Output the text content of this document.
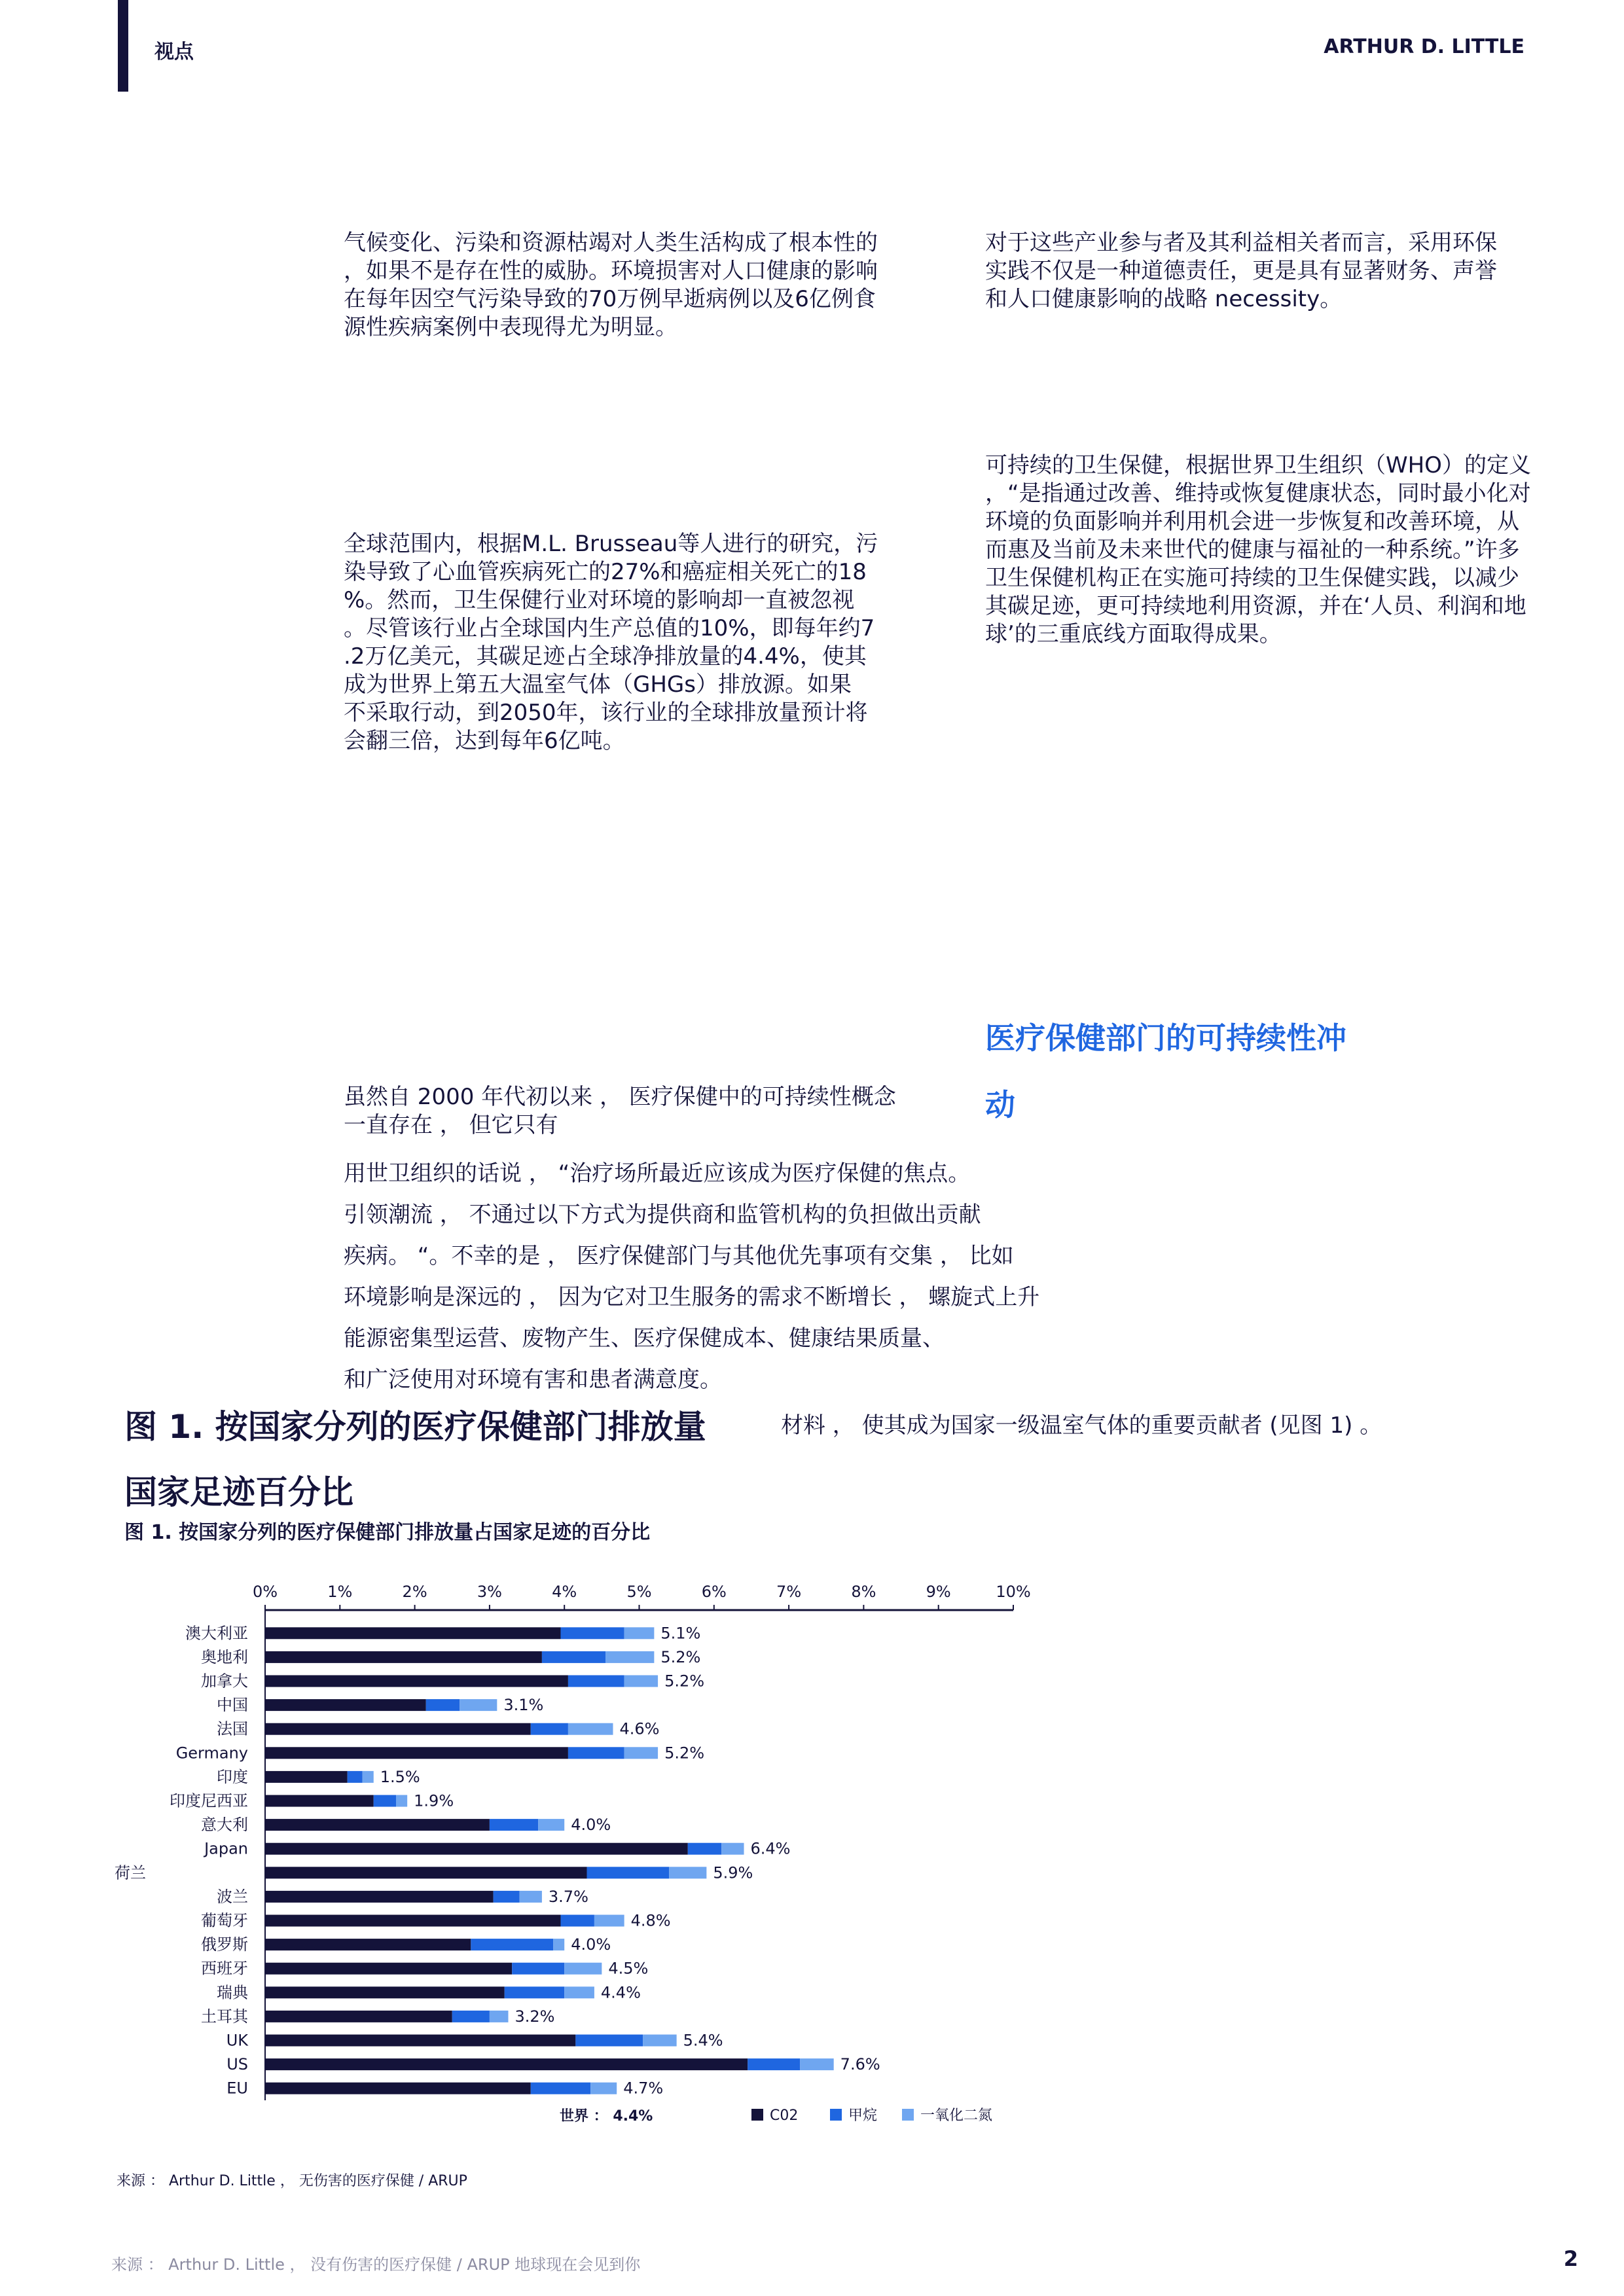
视点	ARTHUR D. LITTLE

气候变化、污染和资源枯竭对人类生活构成了根本性的

，如果不是存在性的威胁。环境损害对人口健康的影响

在每年因空气污染导致的70万例早逝病例以及6亿例食

源性疾病案例中表现得尤为明显。

全球范围内，根据M.L. Brusseau等人进行的研究，污

染导致了心血管疾病死亡的27%和癌症相关死亡的18

%。然而，卫生保健行业对环境的影响却一直被忽视

。尽管该行业占全球国内生产总值的10%，即每年约7

.2万亿美元，其碳足迹占全球净排放量的4.4%，使其

成为世界上第五大温室气体（GHGs）排放源。如果

不采取行动，到2050年，该行业的全球排放量预计将

会翻三倍，达到每年6亿吨。

虽然自 2000 年代初以来 ， 医疗保健中的可持续性概念

一直存在 ， 但它只有

对于这些产业参与者及其利益相关者而言，采用环保

实践不仅是一种道德责任，更是具有显著财务、声誉

和人口健康影响的战略 necessity。

可持续的卫生保健，根据世界卫生组织（WHO）的定义

，“是指通过改善、维持或恢复健康状态，同时最小化对

环境的负面影响并利用机会进一步恢复和改善环境，从

而惠及当前及未来世代的健康与福祉的一种系统。”许多

卫生保健机构正在实施可持续的卫生保健实践，以减少

其碳足迹，更可持续地利用资源，并在‘人员、利润和地

球’的三重底线方面取得成果。

医疗保健部门的可持续性冲

动

用世卫组织的话说 ， “治疗场所最近应该成为医疗保健的焦点。
引领潮流 ， 不通过以下方式为提供商和监管机构的负担做出贡献
疾病。 “。不幸的是 ， 医疗保健部门与其他优先事项有交集 ， 比如
环境影响是深远的 ， 因为它对卫生服务的需求不断增长 ， 螺旋式上升
能源密集型运营、废物产生、医疗保健成本、健康结果质量、
和广泛使用对环境有害和患者满意度。
图 1. 按国家分列的医疗保健部门排放量	材料 ， 使其成为国家一级温室气体的重要贡献者 (见图 1) 。
国家足迹百分比
图 1. 按国家分列的医疗保健部门排放量占国家足迹的百分比
0%	1%	2%	3%	4%	5%	6%	7%	8%	9%	10%
澳大利亚	5.1%
奥地利	5.2%
加拿大	5.2%
中国	3.1%
法国	4.6%
Germany	5.2%
印度	1.5%
印度尼西亚	1.9%
意大利	4.0%
Japan	6.4%
5.9%
波兰	3.7%
葡萄牙	4.8%
俄罗斯	4.0%
西班牙	4.5%
瑞典	4.4%
土耳其	3.2%
UK	5.4%
US	7.6%
EU	4.7%
荷兰
世界 ： 4.4%	C02	甲烷	一氧化二氮
来源 ： Arthur D. Little ， 无伤害的医疗保健 / ARUP
来源 ： Arthur D. Little ， 没有伤害的医疗保健 / ARUP 地球现在会见到你	2
